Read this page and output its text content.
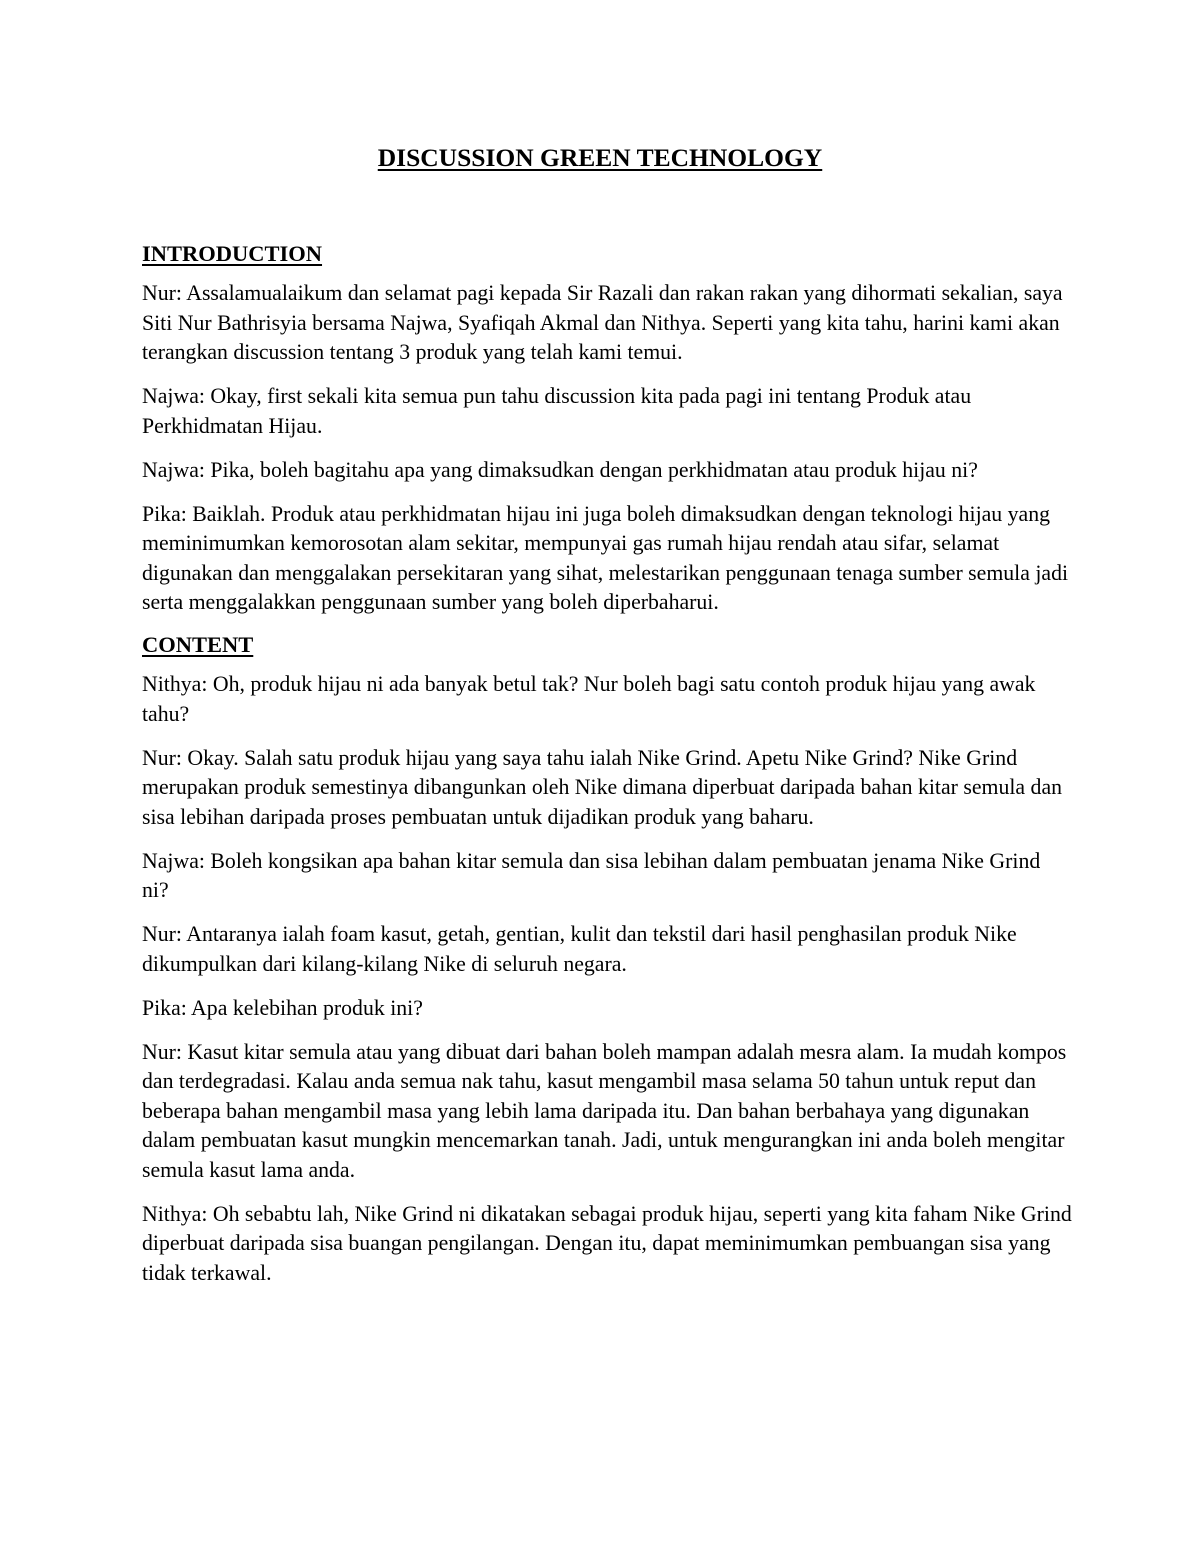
DISCUSSION GREEN TECHNOLOGY
INTRODUCTION

Nur: Assalamualaikum dan selamat pagi kepada Sir Razali dan rakan rakan yang dihormati sekalian, saya Siti Nur Bathrisyia bersama Najwa, Syafiqah Akmal dan Nithya. Seperti yang kita tahu, harini kami akan terangkan discussion tentang 3 produk yang telah kami temui.

Najwa: Okay, first sekali kita semua pun tahu discussion kita pada pagi ini tentang Produk atau Perkhidmatan Hijau.

Najwa: Pika, boleh bagitahu apa yang dimaksudkan dengan perkhidmatan atau produk hijau ni?

Pika: Baiklah. Produk atau perkhidmatan hijau ini juga boleh dimaksudkan dengan teknologi hijau yang meminimumkan kemorosotan alam sekitar, mempunyai gas rumah hijau rendah atau sifar, selamat digunakan dan menggalakan persekitaran yang sihat, melestarikan penggunaan tenaga sumber semula jadi serta menggalakkan penggunaan sumber yang boleh diperbaharui.

CONTENT

Nithya: Oh, produk hijau ni ada banyak betul tak? Nur boleh bagi satu contoh produk hijau yang awak tahu?

Nur: Okay. Salah satu produk hijau yang saya tahu ialah Nike Grind. Apetu Nike Grind? Nike Grind merupakan produk semestinya dibangunkan oleh Nike dimana diperbuat daripada bahan kitar semula dan sisa lebihan daripada proses pembuatan untuk dijadikan produk yang baharu.

Najwa: Boleh kongsikan apa bahan kitar semula dan sisa lebihan dalam pembuatan jenama Nike Grind ni?

Nur: Antaranya ialah foam kasut, getah, gentian, kulit dan tekstil dari hasil penghasilan produk Nike dikumpulkan dari kilang-kilang Nike di seluruh negara.

Pika: Apa kelebihan produk ini?

Nur: Kasut kitar semula atau yang dibuat dari bahan boleh mampan adalah mesra alam. Ia mudah kompos dan terdegradasi. Kalau anda semua nak tahu, kasut mengambil masa selama 50 tahun untuk reput dan beberapa bahan mengambil masa yang lebih lama daripada itu. Dan bahan berbahaya yang digunakan dalam pembuatan kasut mungkin mencemarkan tanah. Jadi, untuk mengurangkan ini anda boleh mengitar semula kasut lama anda.

Nithya: Oh sebabtu lah, Nike Grind ni dikatakan sebagai produk hijau, seperti yang kita faham Nike Grind diperbuat daripada sisa buangan pengilangan. Dengan itu, dapat meminimumkan pembuangan sisa yang tidak terkawal.
